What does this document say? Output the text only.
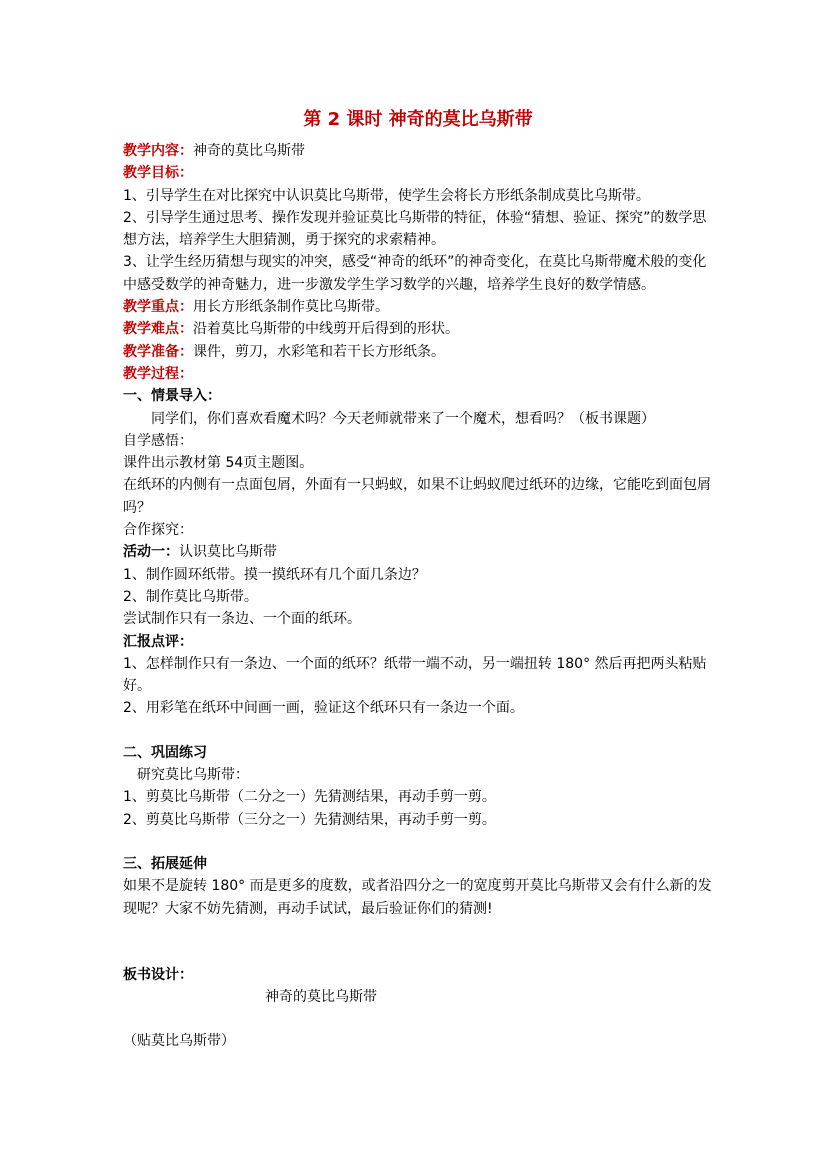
第 2 课时 神奇的莫比乌斯带
教学内容：神奇的莫比乌斯带
教学目标：
1、引导学生在对比探究中认识莫比乌斯带，使学生会将长方形纸条制成莫比乌斯带。
2、引导学生通过思考、操作发现并验证莫比乌斯带的特征，体验“猜想、验证、探究”的数学思想方法，培养学生大胆猜测，勇于探究的求索精神。
3、让学生经历猜想与现实的冲突，感受“神奇的纸环”的神奇变化，在莫比乌斯带魔术般的变化中感受数学的神奇魅力，进一步激发学生学习数学的兴趣，培养学生良好的数学情感。
教学重点：用长方形纸条制作莫比乌斯带。
教学难点：沿着莫比乌斯带的中线剪开后得到的形状。
教学准备：课件，剪刀，水彩笔和若干长方形纸条。
教学过程：
一、情景导入：
同学们，你们喜欢看魔术吗？今天老师就带来了一个魔术，想看吗？（板书课题）
自学感悟：
课件出示教材第 54页主题图。
在纸环的内侧有一点面包屑，外面有一只蚂蚁，如果不让蚂蚁爬过纸环的边缘，它能吃到面包屑吗？
合作探究：
活动一：认识莫比乌斯带
1、制作圆环纸带。摸一摸纸环有几个面几条边？
2、制作莫比乌斯带。
尝试制作只有一条边、一个面的纸环。
汇报点评：
1、怎样制作只有一条边、一个面的纸环？纸带一端不动，另一端扭转 180° 然后再把两头粘贴好。
2、用彩笔在纸环中间画一画，验证这个纸环只有一条边一个面。
二、巩固练习
研究莫比乌斯带：
1、剪莫比乌斯带（二分之一）先猜测结果，再动手剪一剪。
2、剪莫比乌斯带（三分之一）先猜测结果，再动手剪一剪。
三、拓展延伸
如果不是旋转 180° 而是更多的度数，或者沿四分之一的宽度剪开莫比乌斯带又会有什么新的发现呢？大家不妨先猜测，再动手试试，最后验证你们的猜测!
板书设计：
神奇的莫比乌斯带
（贴莫比乌斯带）
